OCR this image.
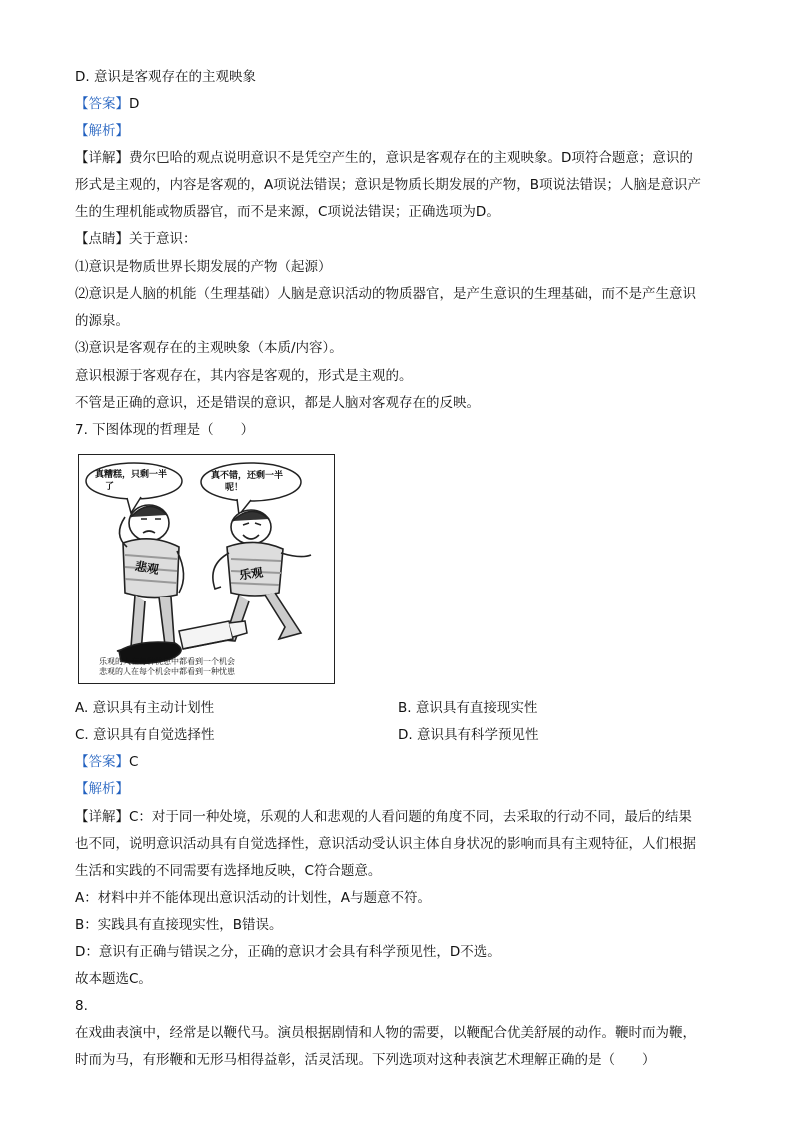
D. 意识是客观存在的主观映象
【答案】D
【解析】
【详解】费尔巴哈的观点说明意识不是凭空产生的，意识是客观存在的主观映象。D项符合题意；意识的
形式是主观的，内容是客观的，A项说法错误；意识是物质长期发展的产物，B项说法错误；人脑是意识产
生的生理机能或物质器官，而不是来源，C项说法错误；正确选项为D。
【点睛】关于意识：
⑴意识是物质世界长期发展的产物（起源）
⑵意识是人脑的机能（生理基础）人脑是意识活动的物质器官，是产生意识的生理基础，而不是产生意识
的源泉。
⑶意识是客观存在的主观映象（本质/内容）。
意识根源于客观存在，其内容是客观的，形式是主观的。
不管是正确的意识，还是错误的意识，都是人脑对客观存在的反映。
7. 下图体现的哲理是（　　）
真糟糕，只剩一半
了
真不错，还剩一半
呢！
悲观	乐观
乐观的人在每种忧患中都看到一个机会
悲观的人在每个机会中都看到一种忧患
A. 意识具有主动计划性	B. 意识具有直接现实性
C. 意识具有自觉选择性	D. 意识具有科学预见性
【答案】C
【解析】
【详解】C：对于同一种处境，乐观的人和悲观的人看问题的角度不同，去采取的行动不同，最后的结果
也不同，说明意识活动具有自觉选择性，意识活动受认识主体自身状况的影响而具有主观特征，人们根据
生活和实践的不同需要有选择地反映，C符合题意。
A：材料中并不能体现出意识活动的计划性，A与题意不符。
B：实践具有直接现实性，B错误。
D：意识有正确与错误之分，正确的意识才会具有科学预见性，D不选。
故本题选C。
8.
在戏曲表演中，经常是以鞭代马。演员根据剧情和人物的需要，以鞭配合优美舒展的动作。鞭时而为鞭，
时而为马，有形鞭和无形马相得益彰，活灵活现。下列选项对这种表演艺术理解正确的是（　　）
